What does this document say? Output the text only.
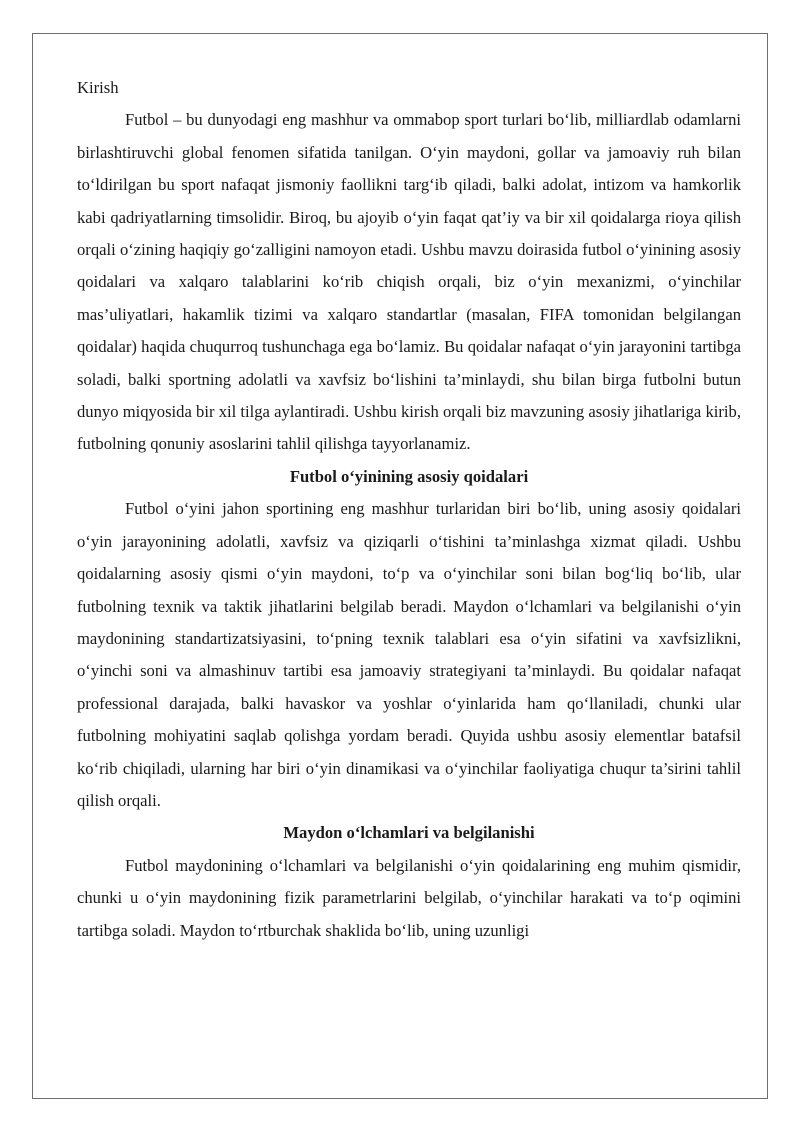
Kirish

Futbol – bu dunyodagi eng mashhur va ommabop sport turlari bo‘lib, milliardlab odamlarni birlashtiruvchi global fenomen sifatida tanilgan. O‘yin maydoni, gollar va jamoaviy ruh bilan to‘ldirilgan bu sport nafaqat jismoniy faollikni targ‘ib qiladi, balki adolat, intizom va hamkorlik kabi qadriyatlarning timsolidir. Biroq, bu ajoyib o‘yin faqat qat’iy va bir xil qoidalarga rioya qilish orqali o‘zining haqiqiy go‘zalligini namoyon etadi. Ushbu mavzu doirasida futbol o‘yinining asosiy qoidalari va xalqaro talablarini ko‘rib chiqish orqali, biz o‘yin mexanizmi, o‘yinchilar mas’uliyatlari, hakamlik tizimi va xalqaro standartlar (masalan, FIFA tomonidan belgilangan qoidalar) haqida chuqurroq tushunchaga ega bo‘lamiz. Bu qoidalar nafaqat o‘yin jarayonini tartibga soladi, balki sportning adolatli va xavfsiz bo‘lishini ta’minlaydi, shu bilan birga futbolni butun dunyo miqyosida bir xil tilga aylantiradi. Ushbu kirish orqali biz mavzuning asosiy jihatlariga kirib, futbolning qonuniy asoslarini tahlil qilishga tayyorlanamiz.

Futbol o‘yinining asosiy qoidalari

Futbol o‘yini jahon sportining eng mashhur turlaridan biri bo‘lib, uning asosiy qoidalari o‘yin jarayonining adolatli, xavfsiz va qiziqarli o‘tishini ta’minlashga xizmat qiladi. Ushbu qoidalarning asosiy qismi o‘yin maydoni, to‘p va o‘yinchilar soni bilan bog‘liq bo‘lib, ular futbolning texnik va taktik jihatlarini belgilab beradi. Maydon o‘lchamlari va belgilanishi o‘yin maydonining standartizatsiyasini, to‘pning texnik talablari esa o‘yin sifatini va xavfsizlikni, o‘yinchi soni va almashinuv tartibi esa jamoaviy strategiyani ta’minlaydi. Bu qoidalar nafaqat professional darajada, balki havaskor va yoshlar o‘yinlarida ham qo‘llaniladi, chunki ular futbolning mohiyatini saqlab qolishga yordam beradi. Quyida ushbu asosiy elementlar batafsil ko‘rib chiqiladi, ularning har biri o‘yin dinamikasi va o‘yinchilar faoliyatiga chuqur ta’sirini tahlil qilish orqali.

Maydon o‘lchamlari va belgilanishi

Futbol maydonining o‘lchamlari va belgilanishi o‘yin qoidalarining eng muhim qismidir, chunki u o‘yin maydonining fizik parametrlarini belgilab, o‘yinchilar harakati va to‘p oqimini tartibga soladi. Maydon to‘rtburchak shaklida bo‘lib, uning uzunligi
